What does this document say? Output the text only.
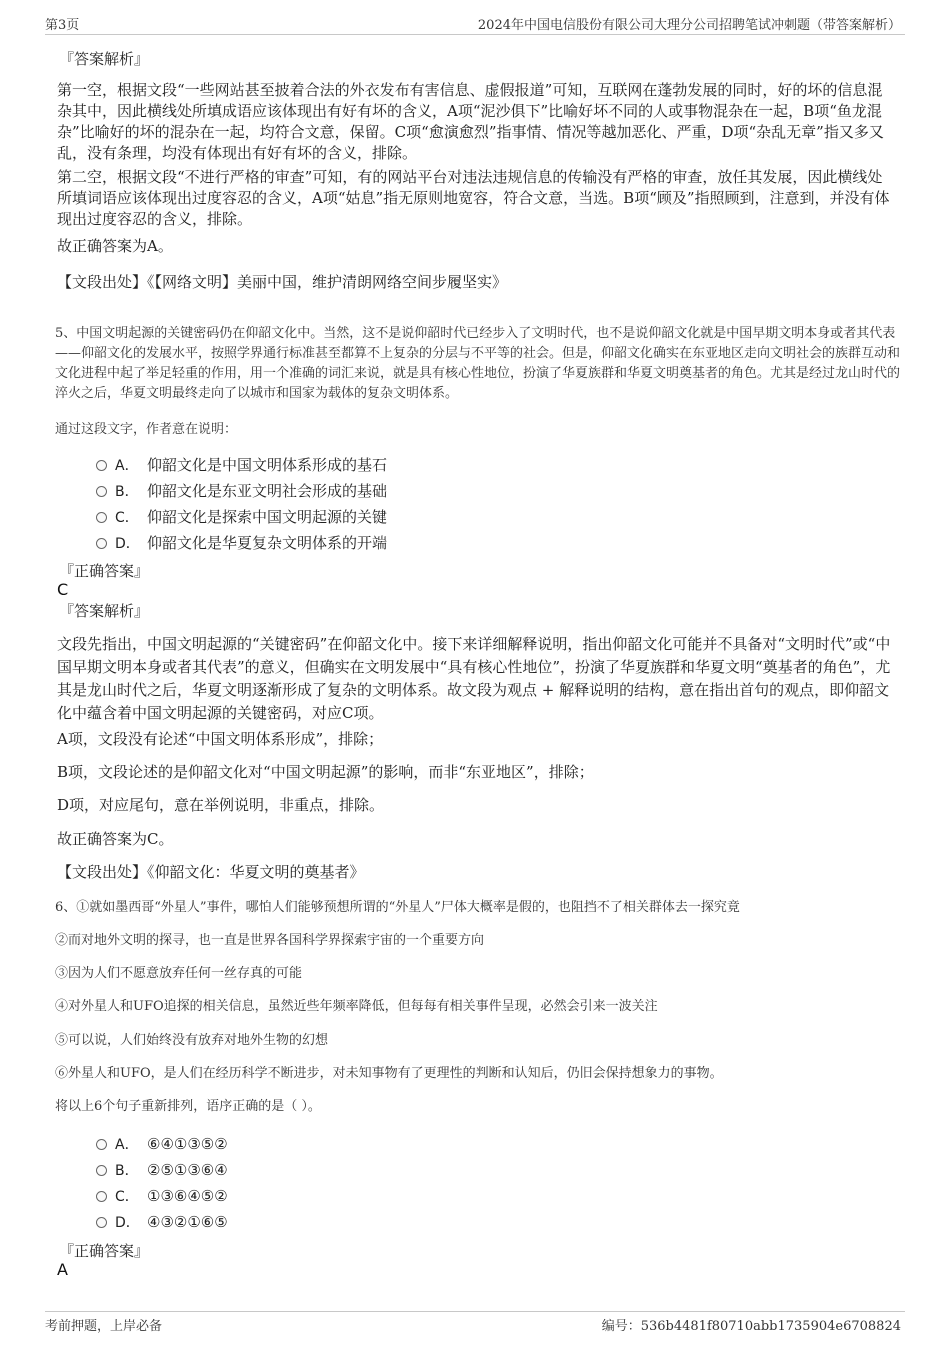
第3页	2024年中国电信股份有限公司大理分公司招聘笔试冲刺题（带答案解析）
『答案解析』

第一空，根据文段“一些网站甚至披着合法的外衣发布有害信息、虚假报道”可知，互联网在蓬勃发展的同时，好的坏的信息混杂其中，因此横线处所填成语应该体现出有好有坏的含义，A项“泥沙俱下”比喻好坏不同的人或事物混杂在一起，B项“鱼龙混杂”比喻好的坏的混杂在一起，均符合文意，保留。C项“愈演愈烈”指事情、情况等越加恶化、严重，D项“杂乱无章”指又多又乱，没有条理，均没有体现出有好有坏的含义，排除。

第二空，根据文段“不进行严格的审查”可知，有的网站平台对违法违规信息的传输没有严格的审查，放任其发展，因此横线处所填词语应该体现出过度容忍的含义，A项“姑息”指无原则地宽容，符合文意，当选。B项“顾及”指照顾到，注意到，并没有体现出过度容忍的含义，排除。

故正确答案为A。

【文段出处】《【网络文明】美丽中国，维护清朗网络空间步履坚实》

5、中国文明起源的关键密码仍在仰韶文化中。当然，这不是说仰韶时代已经步入了文明时代，也不是说仰韶文化就是中国早期文明本身或者其代表——仰韶文化的发展水平，按照学界通行标准甚至都算不上复杂的分层与不平等的社会。但是，仰韶文化确实在东亚地区走向文明社会的族群互动和文化进程中起了举足轻重的作用，用一个准确的词汇来说，就是具有核心性地位，扮演了华夏族群和华夏文明奠基者的角色。尤其是经过龙山时代的淬火之后，华夏文明最终走向了以城市和国家为载体的复杂文明体系。

通过这段文字，作者意在说明：

A． 仰韶文化是中国文明体系形成的基石
B． 仰韶文化是东亚文明社会形成的基础
C． 仰韶文化是探索中国文明起源的关键
D． 仰韶文化是华夏复杂文明体系的开端
『正确答案』
C
『答案解析』

文段先指出，中国文明起源的“关键密码”在仰韶文化中。接下来详细解释说明，指出仰韶文化可能并不具备对“文明时代”或“中国早期文明本身或者其代表”的意义，但确实在文明发展中“具有核心性地位”，扮演了华夏族群和华夏文明“奠基者的角色”，尤其是龙山时代之后，华夏文明逐渐形成了复杂的文明体系。故文段为观点 + 解释说明的结构，意在指出首句的观点，即仰韶文化中蕴含着中国文明起源的关键密码，对应C项。

A项，文段没有论述“中国文明体系形成”，排除；

B项，文段论述的是仰韶文化对“中国文明起源”的影响，而非“东亚地区”，排除；

D项，对应尾句，意在举例说明，非重点，排除。

故正确答案为C。

【文段出处】《仰韶文化：华夏文明的奠基者》

6、①就如墨西哥“外星人”事件，哪怕人们能够预想所谓的“外星人”尸体大概率是假的，也阻挡不了相关群体去一探究竟

②而对地外文明的探寻，也一直是世界各国科学界探索宇宙的一个重要方向

③因为人们不愿意放弃任何一丝存真的可能

④对外星人和UFO追探的相关信息，虽然近些年频率降低，但每每有相关事件呈现，必然会引来一波关注

⑤可以说，人们始终没有放弃对地外生物的幻想

⑥外星人和UFO，是人们在经历科学不断进步，对未知事物有了更理性的判断和认知后，仍旧会保持想象力的事物。

将以上6个句子重新排列，语序正确的是（ ）。

A． ⑥④①③⑤②
B． ②⑤①③⑥④
C． ①③⑥④⑤②
D． ④③②①⑥⑤
『正确答案』
A
考前押题，上岸必备	编号：536b4481f80710abb1735904e6708824
